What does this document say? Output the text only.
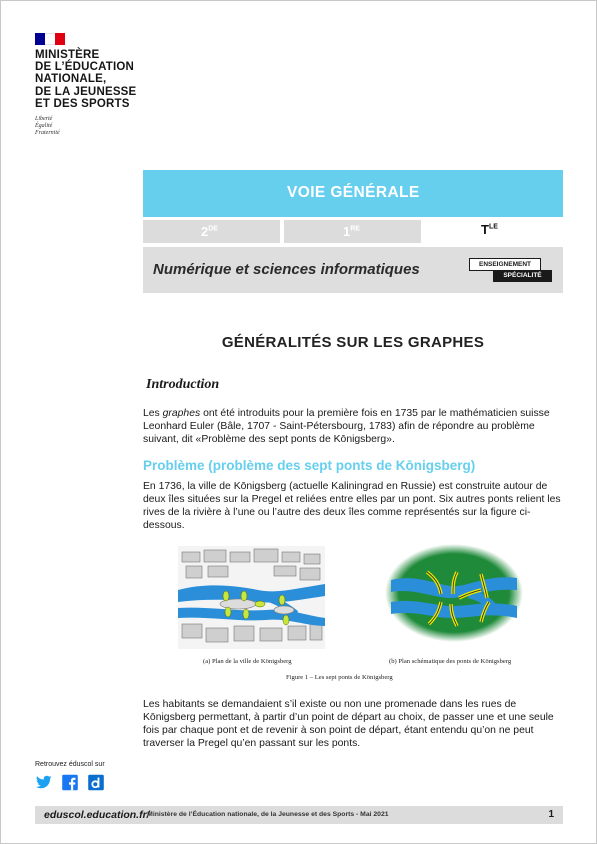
MINISTÈRE
DE L’ÉDUCATION
NATIONALE,
DE LA JEUNESSE
ET DES SPORTS
Liberté
Égalité
Fraternité
VOIE GÉNÉRALE
2DE	1RE	$T^{LE}$
Numérique et sciences informatiques	ENSEIGNEMENT
SPÉCIALITÉ
GÉNÉRALITÉS SUR LES GRAPHES
Introduction
Les graphes ont été introduits pour la première fois en 1735 par le mathématicien suisse Leonhard Euler (Bâle, 1707 - Saint-Pétersbourg, 1783) afin de répondre au problème suivant, dit «Problème des sept ponts de Kōnigsberg».
Problème (problème des sept ponts de Kōnigsberg)
En 1736, la ville de Kōnigsberg (actuelle Kaliningrad en Russie) est construite autour de deux îles situées sur la Pregel et reliées entre elles par un pont. Six autres ponts relient les rives de la rivière à l’une ou l’autre des deux îles comme représentés sur la figure ci-dessous.
(a) Plan de la ville de Königsberg	(b) Plan schématique des ponts de Königsberg
Figure 1 – Les sept ponts de Königsberg
Les habitants se demandaient s’il existe ou non une promenade dans les rues de Kōnigsberg permettant, à partir d’un point de départ au choix, de passer une et une seule fois par chaque pont et de revenir à son point de départ, étant entendu qu’on ne peut traverser la Pregel qu’en passant sur les ponts.
Retrouvez éduscol sur
eduscol.education.fr/
- Ministère de l’Éducation nationale, de la Jeunesse et des Sports - Mai 2021	1
